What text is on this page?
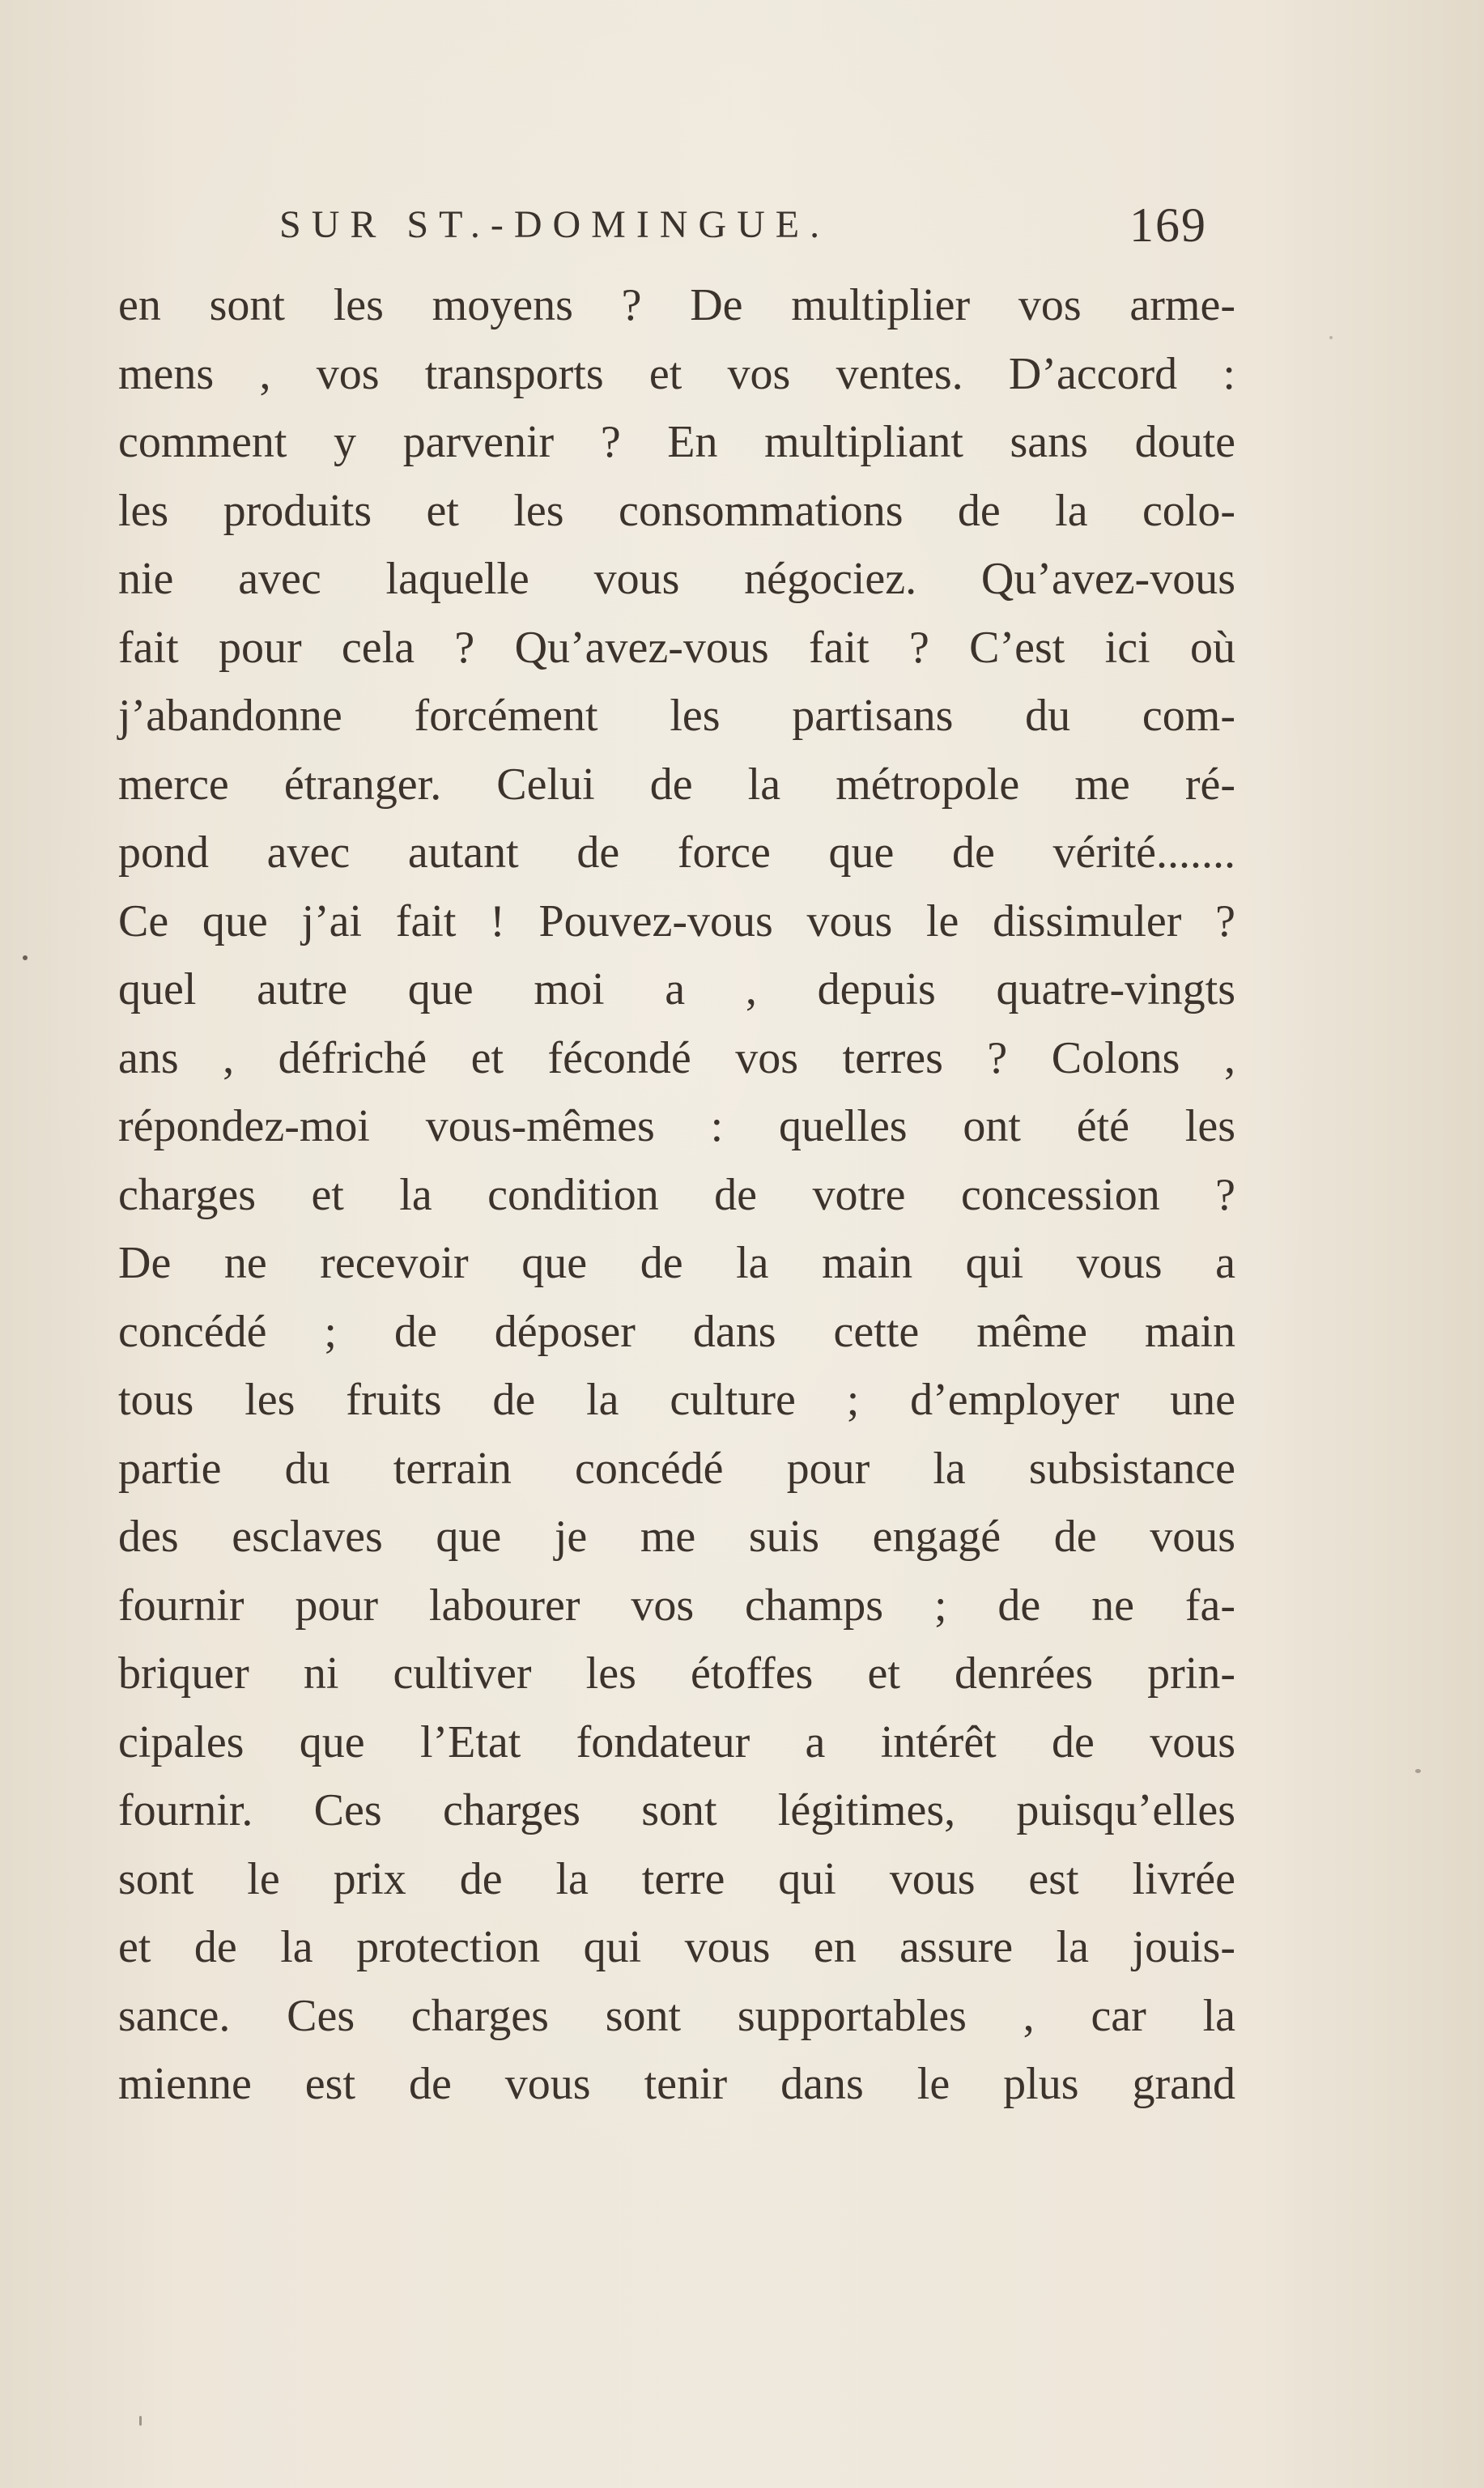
SUR ST.-DOMINGUE.	169
en sont les moyens ? De multiplier vos arme-
mens , vos transports et vos ventes. D’accord :
comment y parvenir ? En multipliant sans doute
les produits et les consommations de la colo-
nie avec laquelle vous négociez. Qu’avez-vous
fait pour cela ? Qu’avez-vous fait ? C’est ici où
j’abandonne forcément les partisans du com-
merce étranger. Celui de la métropole me ré-
pond avec autant de force que de vérité.......
Ce que j’ai fait ! Pouvez-vous vous le dissimuler ?
quel autre que moi a , depuis quatre-vingts
ans , défriché et fécondé vos terres ? Colons ,
répondez-moi vous-mêmes : quelles ont été les
charges et la condition de votre concession ?
De ne recevoir que de la main qui vous a
concédé ; de déposer dans cette même main
tous les fruits de la culture ; d’employer une
partie du terrain concédé pour la subsistance
des esclaves que je me suis engagé de vous
fournir pour labourer vos champs ; de ne fa-
briquer ni cultiver les étoffes et denrées prin-
cipales que l’Etat fondateur a intérêt de vous
fournir. Ces charges sont légitimes, puisqu’elles
sont le prix de la terre qui vous est livrée
et de la protection qui vous en assure la jouis-
sance. Ces charges sont supportables , car la
mienne est de vous tenir dans le plus grand
